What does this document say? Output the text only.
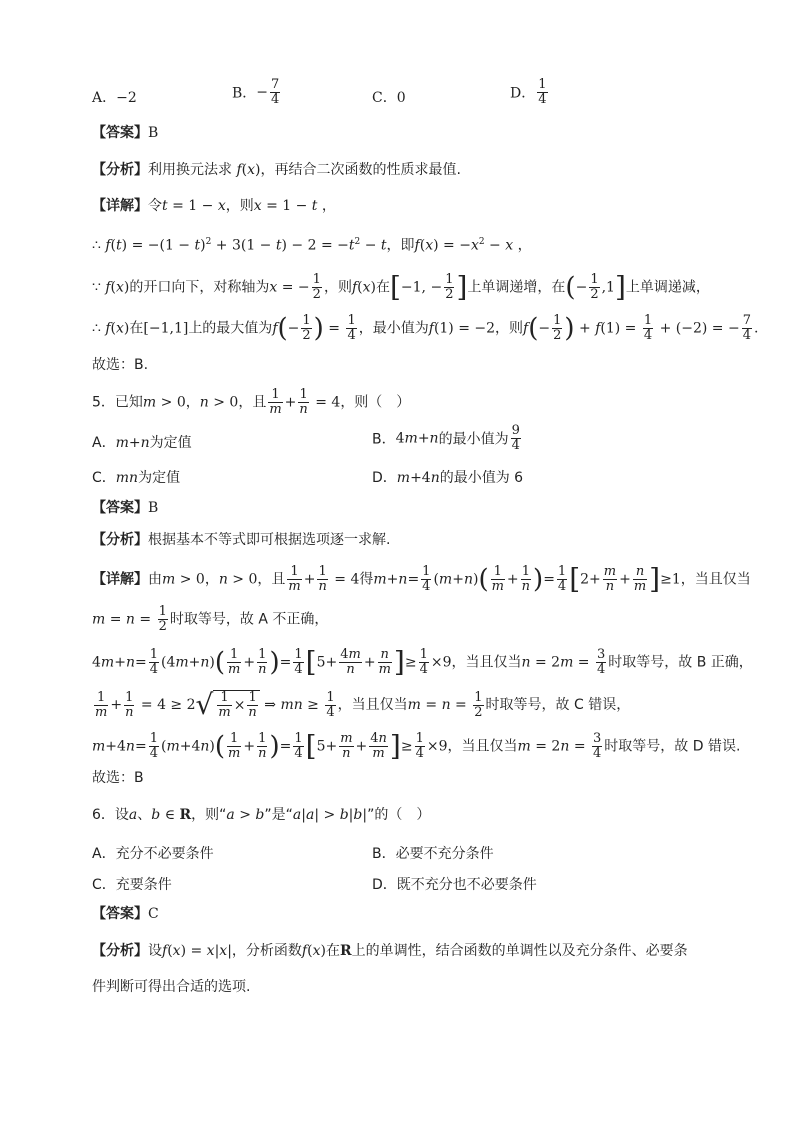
A．−2	B．− $\frac{7}{4}$	C．0	D． $\frac{1}{4}$
【答案】B
【分析】利用换元法求 f(x)，再结合二次函数的性质求最值.
【详解】令t = 1 − x，则x = 1 − t ，
∴ $f(t) = -(1 - t)^2 + 3(1 - t) - 2 = -t^2 - t$，即$f(x) = -x^2 - x$ ，
∵ f(x)的开口向下，对称轴为x = − $\frac{1}{2}$ ，则f(x)在[−1, − $\frac{1}{2}$ ]上单调递增，在(− $\frac{1}{2} ,1$]上单调递减，
∴ f(x)在[−1,1]上的最大值为$f(- \frac{1}{2}$ ) = $\frac{1}{4}$ ，最小值为f(1) = −2，则$f(- \frac{1}{2}$ ) + $f(1) = \frac{1}{4} + (-2)$ = − $\frac{7}{4}$ .
故选：B.
5．已知m > 0，n > 0，且 $\frac{1}{m} + \frac{1}{n} = 4$，则（　）
A．m+n为定值	B．4m+n的最小值为 $\frac{9}{4}$
C．mn为定值	D．m+4n的最小值为 6
【答案】B
【分析】根据基本不等式即可根据选项逐一求解.
【详解】由m > 0，n > 0，且 $\frac{1}{m} + \frac{1}{n} = 4$得$m+n= \frac{1}{4} (m+n)( \frac{1}{m} + \frac{1}{n}$ )= $\frac{1}{4} [2+ \frac{m}{n} + \frac{n}{m} ]\ge 1$，当且仅当
$m = n = \frac{1}{2}$ 时取等号，故 A 不正确，
$4m+n= \frac{1}{4} (4m+n)( \frac{1}{m} + \frac{1}{n}$ )= $\frac{1}{4} [5+ \frac{4m}{n} + \frac{n}{m}$ ]≥ $\frac{1}{4} \times 9$，当且仅当$n = 2m = \frac{3}{4}$ 时取等号，故 B 正确，
$\frac{1}{m} + \frac{1}{n} = 4 \ge 2√ \frac{1}{m} \times \frac{1}{n}$ ⇒ mn ≥ $\frac{1}{4}$ ，当且仅当$m = n = \frac{1}{2}$ 时取等号，故 C 错误，
$m+4n= \frac{1}{4} (m+4n)( \frac{1}{m} + \frac{1}{n}$ )= $\frac{1}{4} [5+ \frac{m}{n} + \frac{4n}{m}$ ]≥ $\frac{1}{4} \times 9$，当且仅当$m = 2n = \frac{3}{4}$ 时取等号，故 D 错误.
故选：B
6．设a、b ∈ R，则“a > b”是“a|a| > b|b|”的（　）
A．充分不必要条件	B．必要不充分条件
C．充要条件	D．既不充分也不必要条件
【答案】C
【分析】设f(x) = x|x|，分析函数f(x)在R上的单调性，结合函数的单调性以及充分条件、必要条
件判断可得出合适的选项.
